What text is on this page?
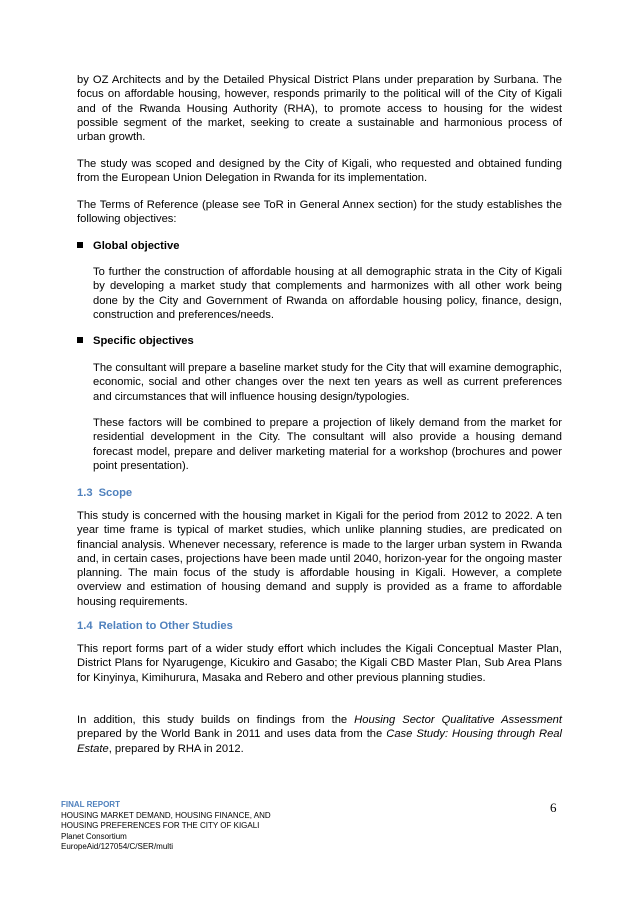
by OZ Architects and by the Detailed Physical District Plans under preparation by Surbana. The focus on affordable housing, however, responds primarily to the political will of the City of Kigali and of the Rwanda Housing Authority (RHA), to promote access to housing for the widest possible segment of the market, seeking to create a sustainable and harmonious process of urban growth.

The study was scoped and designed by the City of Kigali, who requested and obtained funding from the European Union Delegation in Rwanda for its implementation.

The Terms of Reference (please see ToR in General Annex section) for the study establishes the following objectives:

Global objective

To further the construction of affordable housing at all demographic strata in the City of Kigali by developing a market study that complements and harmonizes with all other work being done by the City and Government of Rwanda on affordable housing policy, finance, design, construction and preferences/needs.

Specific objectives

The consultant will prepare a baseline market study for the City that will examine demographic, economic, social and other changes over the next ten years as well as current preferences and circumstances that will influence housing design/typologies.

These factors will be combined to prepare a projection of likely demand from the market for residential development in the City. The consultant will also provide a housing demand forecast model, prepare and deliver marketing material for a workshop (brochures and power point presentation).

1.3 Scope

This study is concerned with the housing market in Kigali for the period from 2012 to 2022. A ten year time frame is typical of market studies, which unlike planning studies, are predicated on financial analysis. Whenever necessary, reference is made to the larger urban system in Rwanda and, in certain cases, projections have been made until 2040, horizon-year for the ongoing master planning. The main focus of the study is affordable housing in Kigali. However, a complete overview and estimation of housing demand and supply is provided as a frame to affordable housing requirements.

1.4 Relation to Other Studies

This report forms part of a wider study effort which includes the Kigali Conceptual Master Plan, District Plans for Nyarugenge, Kicukiro and Gasabo; the Kigali CBD Master Plan, Sub Area Plans for Kinyinya, Kimihurura, Masaka and Rebero and other previous planning studies.

In addition, this study builds on findings from the Housing Sector Qualitative Assessment prepared by the World Bank in 2011 and uses data from the Case Study: Housing through Real Estate, prepared by RHA in 2012.

FINAL REPORT
HOUSING MARKET DEMAND, HOUSING FINANCE, AND
HOUSING PREFERENCES FOR THE CITY OF KIGALI
Planet Consortium
EuropeAid/127054/C/SER/multi
6
